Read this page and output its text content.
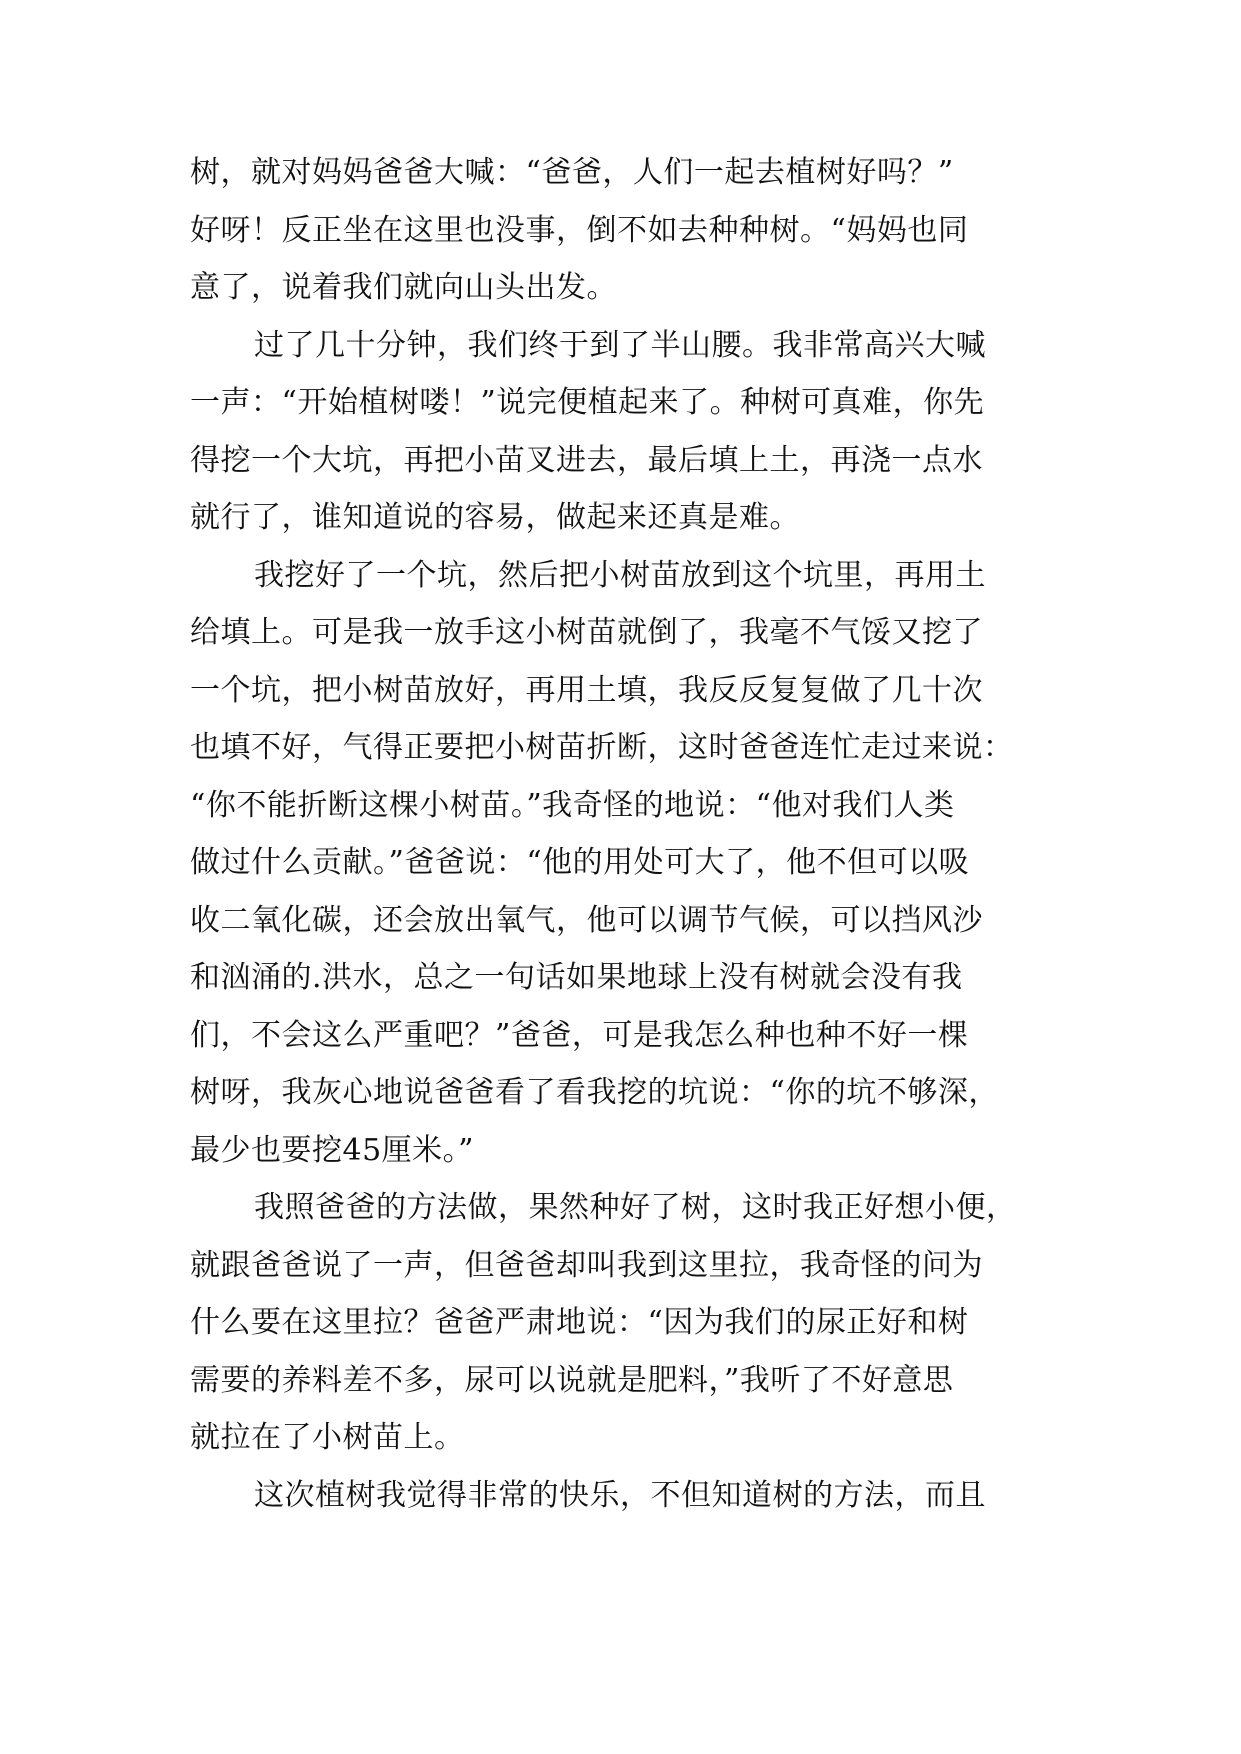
树，就对妈妈爸爸大喊：“爸爸，人们一起去植树好吗？”
好呀！反正坐在这里也没事，倒不如去种种树。“妈妈也同
意了，说着我们就向山头出发。
过了几十分钟，我们终于到了半山腰。我非常高兴大喊
一声：“开始植树喽！”说完便植起来了。种树可真难，你先
得挖一个大坑，再把小苗叉进去，最后填上土，再浇一点水
就行了，谁知道说的容易，做起来还真是难。
我挖好了一个坑，然后把小树苗放到这个坑里，再用土
给填上。可是我一放手这小树苗就倒了，我毫不气馁又挖了
一个坑，把小树苗放好，再用土填，我反反复复做了几十次
也填不好，气得正要把小树苗折断，这时爸爸连忙走过来说：
“你不能折断这棵小树苗。”我奇怪的地说：“他对我们人类
做过什么贡献。”爸爸说：“他的用处可大了，他不但可以吸
收二氧化碳，还会放出氧气，他可以调节气候，可以挡风沙
和汹涌的.洪水，总之一句话如果地球上没有树就会没有我
们，不会这么严重吧？”爸爸，可是我怎么种也种不好一棵
树呀，我灰心地说爸爸看了看我挖的坑说：“你的坑不够深，
最少也要挖45厘米。”
我照爸爸的方法做，果然种好了树，这时我正好想小便，
就跟爸爸说了一声，但爸爸却叫我到这里拉，我奇怪的问为
什么要在这里拉？爸爸严肃地说：“因为我们的尿正好和树
需要的养料差不多，尿可以说就是肥料，”我听了不好意思
就拉在了小树苗上。
这次植树我觉得非常的快乐，不但知道树的方法，而且
